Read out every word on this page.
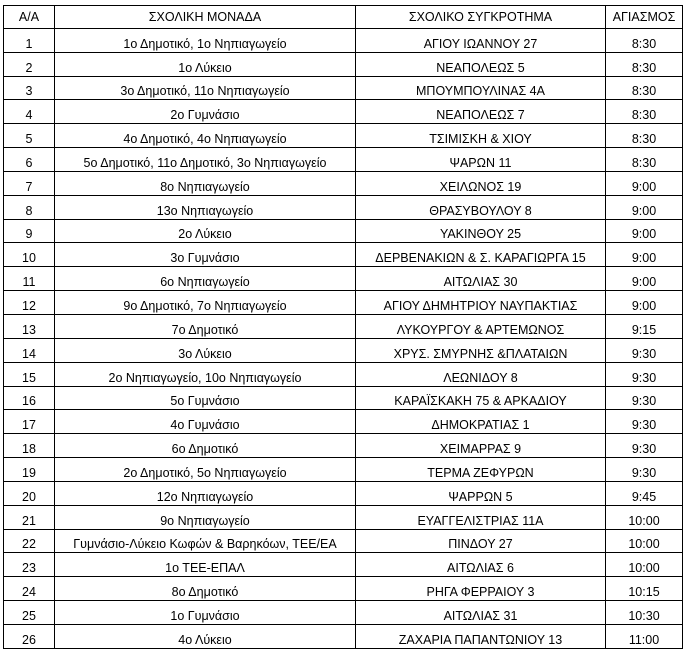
Α/Α	ΣΧΟΛΙΚΗ ΜΟΝΑΔΑ	ΣΧΟΛΙΚΟ ΣΥΓΚΡΟΤΗΜΑ	ΑΓΙΑΣΜΟΣ
1	1ο Δημοτικό, 1ο Νηπιαγωγείο	ΑΓΙΟΥ ΙΩΑΝΝΟΥ 27	8:30
2	1ο Λύκειο	ΝΕΑΠΟΛΕΩΣ 5	8:30
3	3ο Δημοτικό, 11ο Νηπιαγωγείο	ΜΠΟΥΜΠΟΥΛΙΝΑΣ 4Α	8:30
4	2ο Γυμνάσιο	ΝΕΑΠΟΛΕΩΣ 7	8:30
5	4ο Δημοτικό, 4ο Νηπιαγωγείο	ΤΣΙΜΙΣΚΗ & ΧΙΟΥ	8:30
6	5ο Δημοτικό, 11ο Δημοτικό, 3ο Νηπιαγωγείο	ΨΑΡΩΝ 11	8:30
7	8ο Νηπιαγωγείο	ΧΕΙΛΩΝΟΣ 19	9:00
8	13ο Νηπιαγωγείο	ΘΡΑΣΥΒΟΥΛΟΥ 8	9:00
9	2ο Λύκειο	ΥΑΚΙΝΘΟΥ 25	9:00
10	3ο Γυμνάσιο	ΔΕΡΒΕΝΑΚΙΩΝ & Σ. ΚΑΡΑΓΙΩΡΓΑ 15	9:00
11	6ο Νηπιαγωγείο	ΑΙΤΩΛΙΑΣ 30	9:00
12	9ο Δημοτικό, 7ο Νηπιαγωγείο	ΑΓΙΟΥ ΔΗΜΗΤΡΙΟΥ ΝΑΥΠΑΚΤΙΑΣ	9:00
13	7ο Δημοτικό	ΛΥΚΟΥΡΓΟΥ & ΑΡΤΕΜΩΝΟΣ	9:15
14	3ο Λύκειο	ΧΡΥΣ. ΣΜΥΡΝΗΣ &ΠΛΑΤΑΙΩΝ	9:30
15	2ο Νηπιαγωγείο, 10ο Νηπιαγωγείο	ΛΕΩΝΙΔΟΥ 8	9:30
16	5ο Γυμνάσιο	ΚΑΡΑΪΣΚΑΚΗ 75 & ΑΡΚΑΔΙΟΥ	9:30
17	4ο Γυμνάσιο	ΔΗΜΟΚΡΑΤΙΑΣ 1	9:30
18	6ο Δημοτικό	ΧΕΙΜΑΡΡΑΣ 9	9:30
19	2ο Δημοτικό, 5ο Νηπιαγωγείο	ΤΕΡΜΑ ΖΕΦΥΡΩΝ	9:30
20	12ο Νηπιαγωγείο	ΨΑΡΡΩΝ 5	9:45
21	9ο Νηπιαγωγείο	ΕΥΑΓΓΕΛΙΣΤΡΙΑΣ 11Α	10:00
22	Γυμνάσιο-Λύκειο Κωφών & Βαρηκόων, ΤΕΕ/ΕΑ	ΠΙΝΔΟΥ 27	10:00
23	1ο ΤΕΕ-ΕΠΑΛ	ΑΙΤΩΛΙΑΣ 6	10:00
24	8ο Δημοτικό	ΡΗΓΑ ΦΕΡΡΑΙΟΥ 3	10:15
25	1ο Γυμνάσιο	ΑΙΤΩΛΙΑΣ 31	10:30
26	4ο Λύκειο	ΖΑΧΑΡΙΑ ΠΑΠΑΝΤΩΝΙΟΥ 13	11:00
